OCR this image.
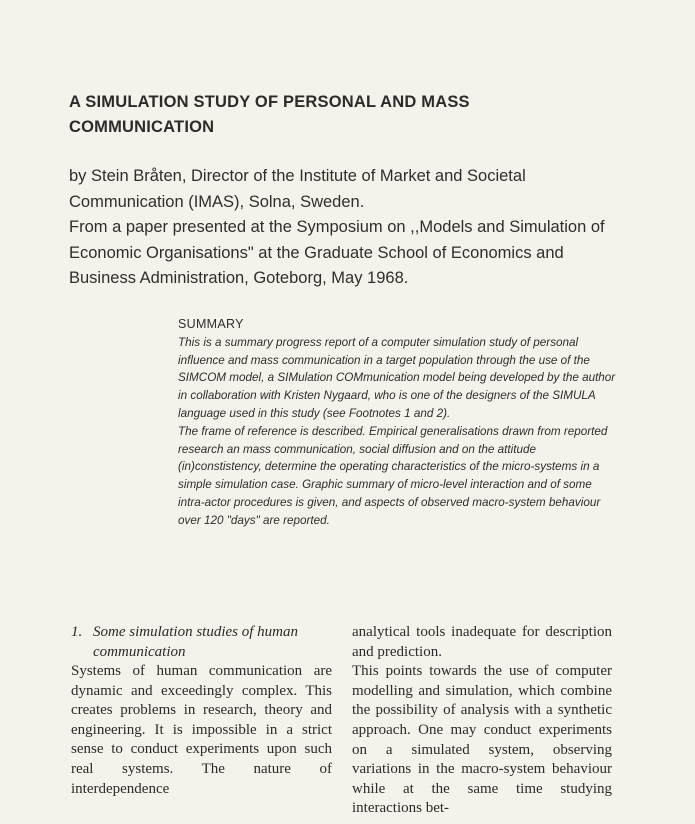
A SIMULATION STUDY OF PERSONAL AND MASS COMMUNICATION

by Stein Bråten, Director of the Institute of Market and Societal Communication (IMAS), Solna, Sweden.

From a paper presented at the Symposium on ,,Models and Simulation of Economic Organisations" at the Graduate School of Economics and Business Administration, Goteborg, May 1968.

SUMMARY

This is a summary progress report of a computer simulation study of personal influence and mass communication in a target population through the use of the SIMCOM model, a SIMulation COMmunication model being developed by the author in collaboration with Kristen Nygaard, who is one of the designers of the SIMULA language used in this study (see Footnotes 1 and 2).

The frame of reference is described. Empirical generalisations drawn from reported research an mass communication, social diffusion and on the attitude (in)constistency, determine the operating characteristics of the micro-systems in a simple simulation case. Graphic summary of micro-level interaction and of some intra-actor procedures is given, and aspects of observed macro-system behaviour over 120 "days" are reported.

1. Some simulation studies of human communication

Systems of human communication are dynamic and exceedingly complex. This creates problems in research, theory and engineering. It is impossible in a strict sense to conduct experiments upon such real systems. The nature of interdependence

analytical tools inadequate for description and prediction.

This points towards the use of computer modelling and simulation, which combine the possibility of analysis with a synthetic approach. One may conduct experiments on a simulated system, observing variations in the macro-system behaviour while at the same time studying interactions bet-
